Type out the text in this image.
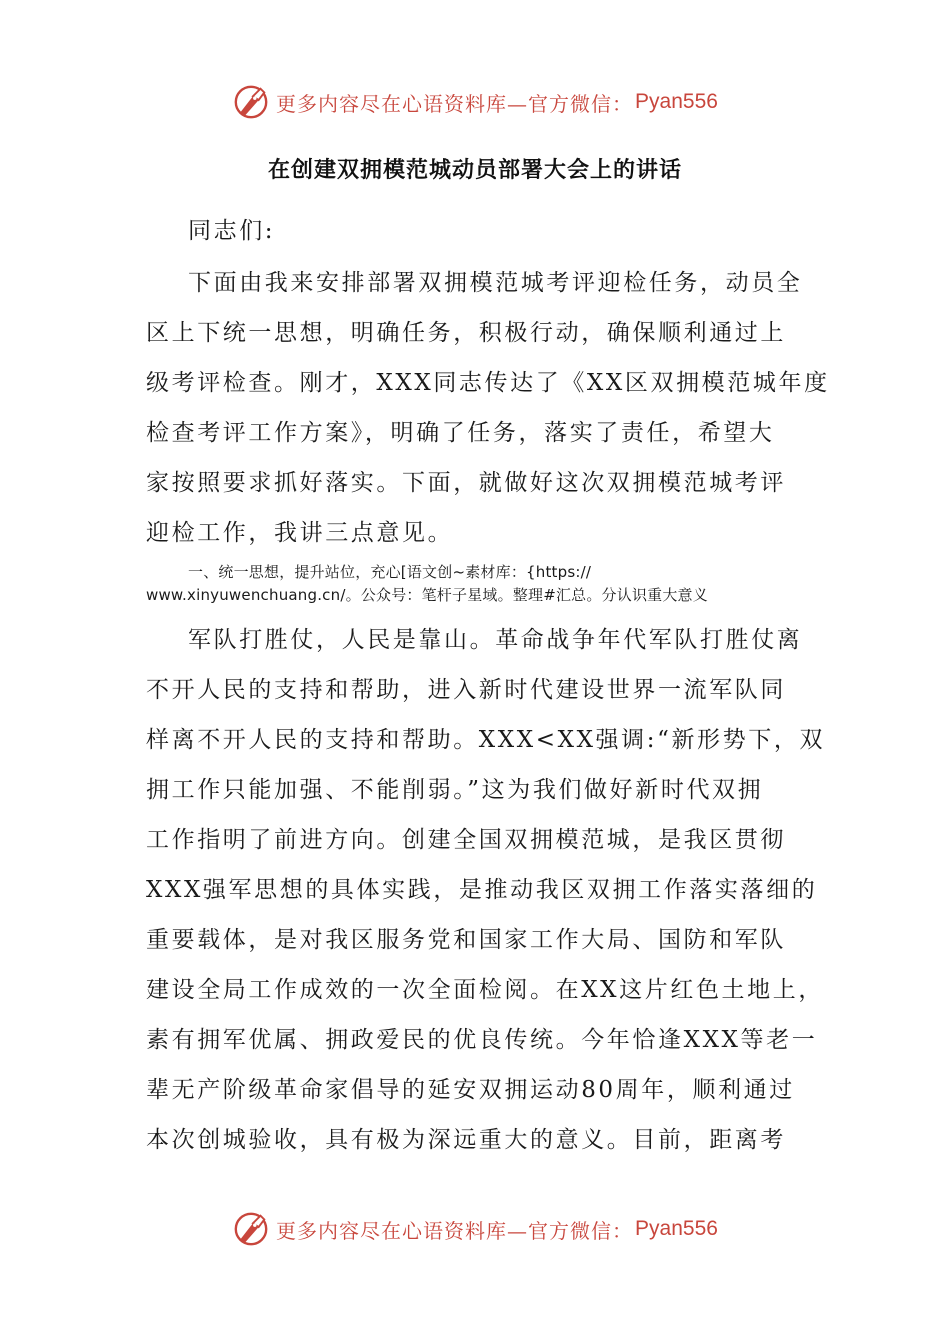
更多内容尽在心语资料库—官方微信： Pyan556
在创建双拥模范城动员部署大会上的讲话
同志们:
下面由我来安排部署双拥模范城考评迎检任务，动员全
区上下统一思想，明确任务，积极行动，确保顺利通过上
级考评检查。刚才，XXX同志传达了《XX区双拥模范城年度
检查考评工作方案》，明确了任务，落实了责任，希望大
家按照要求抓好落实。下面，就做好这次双拥模范城考评
迎检工作，我讲三点意见。
一、统一思想，提升站位，充心[语文创~素材库：{https://
www.xinyuwenchuang.cn/。公众号：笔杆子星域。整理#汇总。分认识重大意义
军队打胜仗，人民是靠山。革命战争年代军队打胜仗离
不开人民的支持和帮助，进入新时代建设世界一流军队同
样离不开人民的支持和帮助。XXX<XX强调:“新形势下，双
拥工作只能加强、不能削弱。”这为我们做好新时代双拥
工作指明了前进方向。创建全国双拥模范城，是我区贯彻
XXX强军思想的具体实践，是推动我区双拥工作落实落细的
重要载体，是对我区服务党和国家工作大局、国防和军队
建设全局工作成效的一次全面检阅。在XX这片红色土地上，
素有拥军优属、拥政爱民的优良传统。今年恰逢XXX等老一
辈无产阶级革命家倡导的延安双拥运动80周年，顺利通过
本次创城验收，具有极为深远重大的意义。目前，距离考
更多内容尽在心语资料库—官方微信： Pyan556
